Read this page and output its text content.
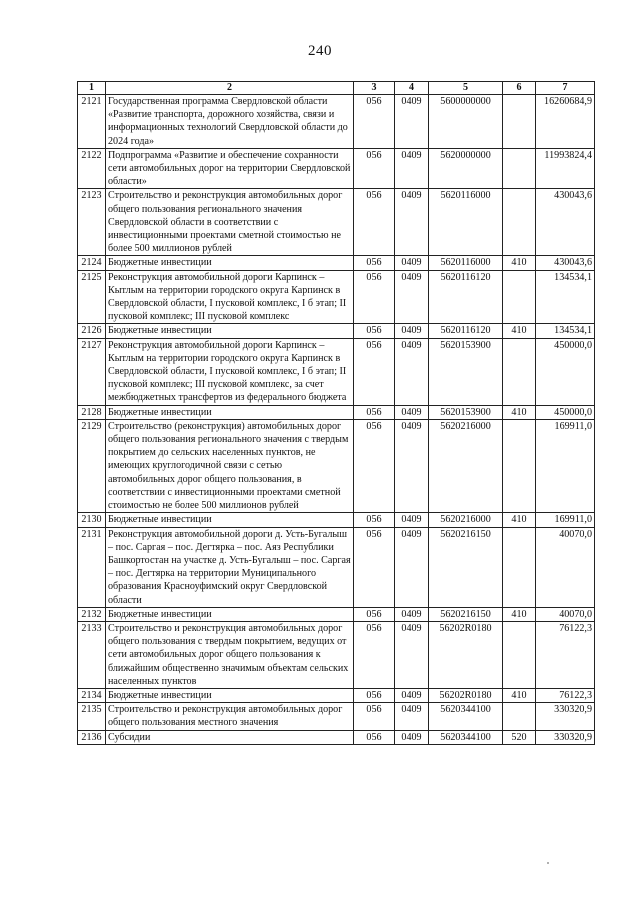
240
1	2	3	4	5	6	7
2121	Государственная программа Свердловской области «Развитие транспорта, дорожного хозяйства, связи и информационных технологий Свердловской области до 2024 года»	056	0409	5600000000		16260684,9
2122	Подпрограмма «Развитие и обеспечение сохранности сети автомобильных дорог на территории Свердловской области»	056	0409	5620000000		11993824,4
2123	Строительство и реконструкция автомобильных дорог общего пользования регионального значения Свердловской области в соответствии с инвестиционными проектами сметной стоимостью не более 500 миллионов рублей	056	0409	5620116000		430043,6
2124	Бюджетные инвестиции	056	0409	5620116000	410	430043,6
2125	Реконструкция автомобильной дороги Карпинск – Кытлым на территории городского округа Карпинск в Свердловской области, I пусковой комплекс, I б этап; II пусковой комплекс; III пусковой комплекс	056	0409	5620116120		134534,1
2126	Бюджетные инвестиции	056	0409	5620116120	410	134534,1
2127	Реконструкция автомобильной дороги Карпинск – Кытлым на территории городского округа Карпинск в Свердловской области, I пусковой комплекс, I б этап; II пусковой комплекс; III пусковой комплекс, за счет межбюджетных трансфертов из федерального бюджета	056	0409	5620153900		450000,0
2128	Бюджетные инвестиции	056	0409	5620153900	410	450000,0
2129	Строительство (реконструкция) автомобильных дорог общего пользования регионального значения с твердым покрытием до сельских населенных пунктов, не имеющих круглогодичной связи с сетью автомобильных дорог общего пользования, в соответствии с инвестиционными проектами сметной стоимостью не более 500 миллионов рублей	056	0409	5620216000		169911,0
2130	Бюджетные инвестиции	056	0409	5620216000	410	169911,0
2131	Реконструкция автомобильной дороги д. Усть-Бугалыш – пос. Саргая – пос. Дегтярка – пос. Аяз Республики Башкортостан на участке д. Усть-Бугалыш – пос. Саргая – пос. Дегтярка на территории Муниципального образования Красноуфимский округ Свердловской области	056	0409	5620216150		40070,0
2132	Бюджетные инвестиции	056	0409	5620216150	410	40070,0
2133	Строительство и реконструкция автомобильных дорог общего пользования с твердым покрытием, ведущих от сети автомобильных дорог общего пользования к ближайшим общественно значимым объектам сельских населенных пунктов	056	0409	56202R0180		76122,3
2134	Бюджетные инвестиции	056	0409	56202R0180	410	76122,3
2135	Строительство и реконструкция автомобильных дорог общего пользования местного значения	056	0409	5620344100		330320,9
2136	Субсидии	056	0409	5620344100	520	330320,9
